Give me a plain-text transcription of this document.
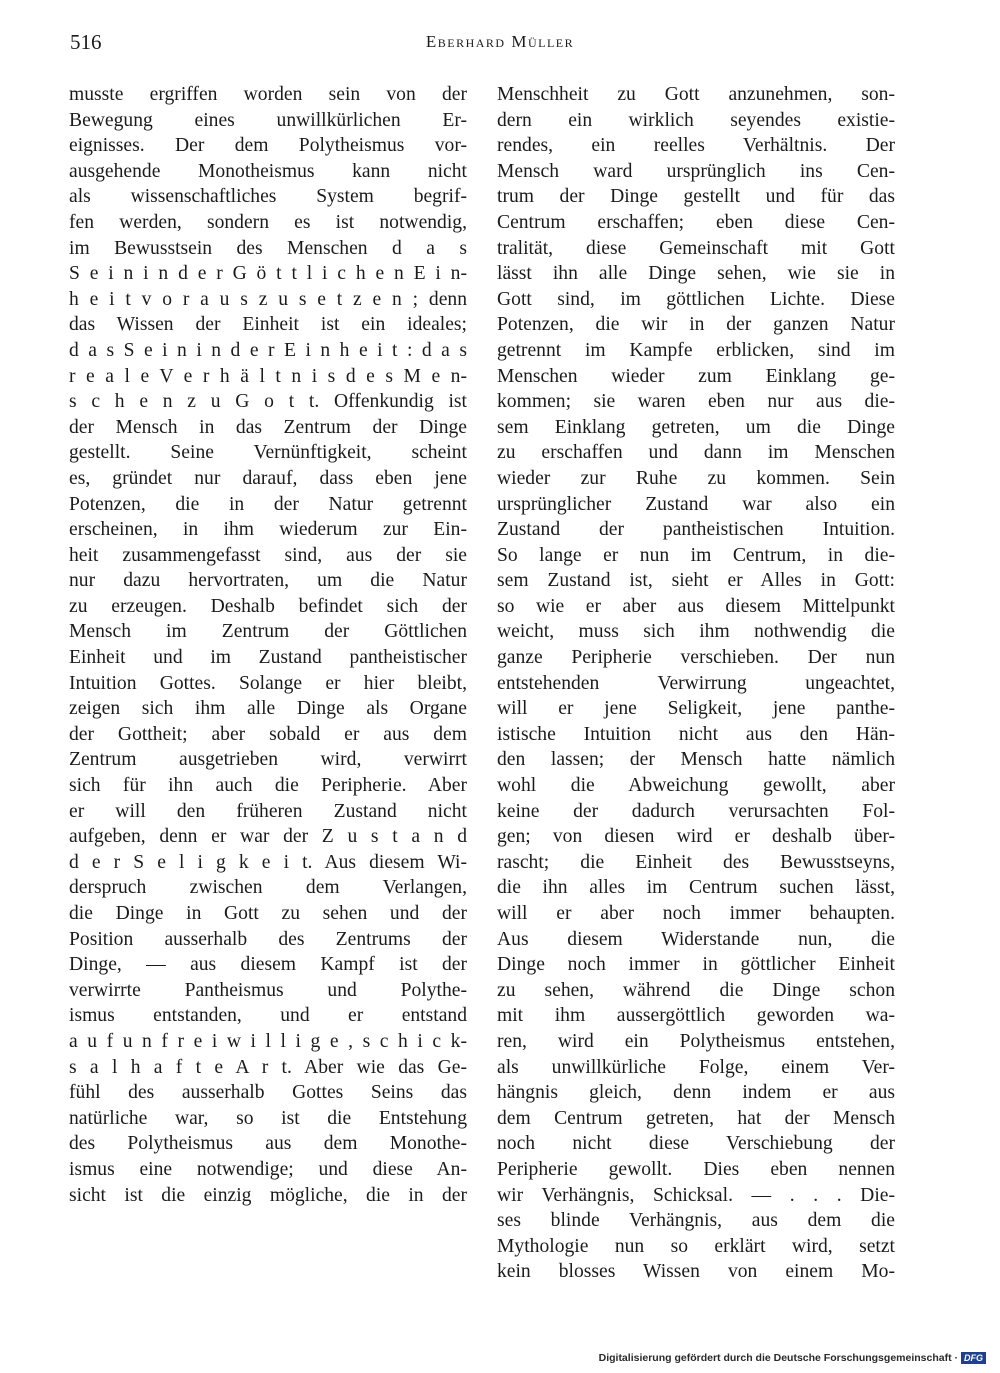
516	Eberhard Müller
musste ergriffen worden sein von der
Bewegung eines unwillkürlichen Er-
eignisses. Der dem Polytheismus vor-
ausgehende Monotheismus kann nicht
als wissenschaftliches System begrif-
fen werden, sondern es ist notwendig,
im Bewusstsein des Menschen d a s
S e i n i n d e r G ö t t l i c h e n E i n-
h e i t v o r a u s z u s e t z e n ; denn
das Wissen der Einheit ist ein ideales;
d a s S e i n i n d e r E i n h e i t : d a s
r e a l e V e r h ä l t n i s d e s M e n-
s c h e n z u G o t t. Offenkundig ist
der Mensch in das Zentrum der Dinge
gestellt. Seine Vernünftigkeit, scheint
es, gründet nur darauf, dass eben jene
Potenzen, die in der Natur getrennt
erscheinen, in ihm wiederum zur Ein-
heit zusammengefasst sind, aus der sie
nur dazu hervortraten, um die Natur
zu erzeugen. Deshalb befindet sich der
Mensch im Zentrum der Göttlichen
Einheit und im Zustand pantheistischer
Intuition Gottes. Solange er hier bleibt,
zeigen sich ihm alle Dinge als Organe
der Gottheit; aber sobald er aus dem
Zentrum ausgetrieben wird, verwirrt
sich für ihn auch die Peripherie. Aber
er will den früheren Zustand nicht
aufgeben, denn er war der Z u s t a n d
d e r S e l i g k e i t. Aus diesem Wi-
derspruch zwischen dem Verlangen,
die Dinge in Gott zu sehen und der
Position ausserhalb des Zentrums der
Dinge, — aus diesem Kampf ist der
verwirrte Pantheismus und Polythe-
ismus entstanden, und er entstand
a u f u n f r e i w i l l i g e , s c h i c k-
s a l h a f t e A r t. Aber wie das Ge-
fühl des ausserhalb Gottes Seins das
natürliche war, so ist die Entstehung
des Polytheismus aus dem Monothe-
ismus eine notwendige; und diese An-
sicht ist die einzig mögliche, die in der
Menschheit zu Gott anzunehmen, son-
dern ein wirklich seyendes existie-
rendes, ein reelles Verhältnis. Der
Mensch ward ursprünglich ins Cen-
trum der Dinge gestellt und für das
Centrum erschaffen; eben diese Cen-
tralität, diese Gemeinschaft mit Gott
lässt ihn alle Dinge sehen, wie sie in
Gott sind, im göttlichen Lichte. Diese
Potenzen, die wir in der ganzen Natur
getrennt im Kampfe erblicken, sind im
Menschen wieder zum Einklang ge-
kommen; sie waren eben nur aus die-
sem Einklang getreten, um die Dinge
zu erschaffen und dann im Menschen
wieder zur Ruhe zu kommen. Sein
ursprünglicher Zustand war also ein
Zustand der pantheistischen Intuition.
So lange er nun im Centrum, in die-
sem Zustand ist, sieht er Alles in Gott:
so wie er aber aus diesem Mittelpunkt
weicht, muss sich ihm nothwendig die
ganze Peripherie verschieben. Der nun
entstehenden Verwirrung ungeachtet,
will er jene Seligkeit, jene panthe-
istische Intuition nicht aus den Hän-
den lassen; der Mensch hatte nämlich
wohl die Abweichung gewollt, aber
keine der dadurch verursachten Fol-
gen; von diesen wird er deshalb über-
rascht; die Einheit des Bewusstseyns,
die ihn alles im Centrum suchen lässt,
will er aber noch immer behaupten.
Aus diesem Widerstande nun, die
Dinge noch immer in göttlicher Einheit
zu sehen, während die Dinge schon
mit ihm aussergöttlich geworden wa-
ren, wird ein Polytheismus entstehen,
als unwillkürliche Folge, einem Ver-
hängnis gleich, denn indem er aus
dem Centrum getreten, hat der Mensch
noch nicht diese Verschiebung der
Peripherie gewollt. Dies eben nennen
wir Verhängnis, Schicksal. — . . . Die-
ses blinde Verhängnis, aus dem die
Mythologie nun so erklärt wird, setzt
kein blosses Wissen von einem Mo-
Digitalisierung gefördert durch die Deutsche Forschungsgemeinschaft · DFG
